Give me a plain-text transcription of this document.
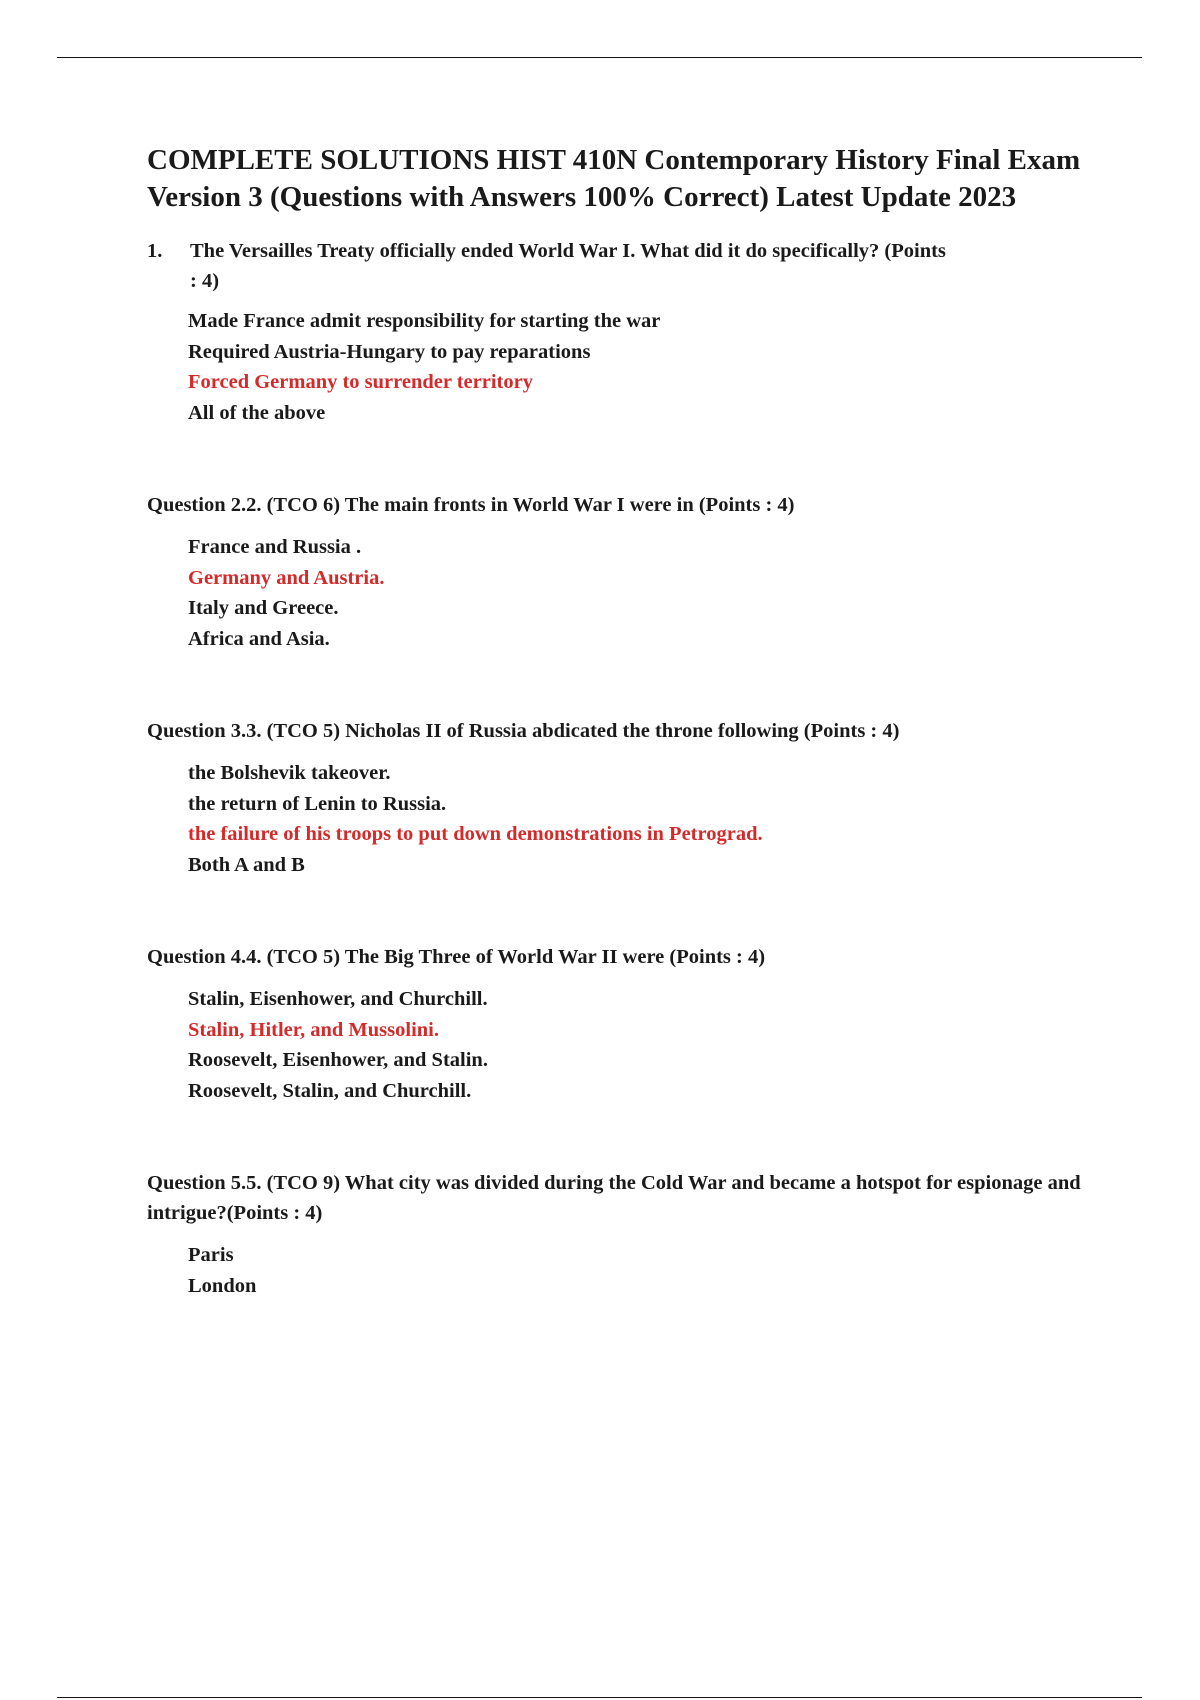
COMPLETE SOLUTIONS HIST 410N Contemporary History Final Exam Version 3 (Questions with Answers 100% Correct) Latest Update 2023
1.	The Versailles Treaty officially ended World War I. What did it do specifically? (Points : 4)
Made France admit responsibility for starting the war
Required Austria-Hungary to pay reparations
Forced Germany to surrender territory
All of the above
Question 2.2. (TCO 6) The main fronts in World War I were in (Points : 4)
France and Russia .
Germany and Austria.
Italy and Greece.
Africa and Asia.
Question 3.3. (TCO 5) Nicholas II of Russia abdicated the throne following (Points : 4)
the Bolshevik takeover.
the return of Lenin to Russia.
the failure of his troops to put down demonstrations in Petrograd.
Both A and B
Question 4.4. (TCO 5) The Big Three of World War II were (Points : 4)
Stalin, Eisenhower, and Churchill.
Stalin, Hitler, and Mussolini.
Roosevelt, Eisenhower, and Stalin.
Roosevelt, Stalin, and Churchill.
Question 5.5. (TCO 9) What city was divided during the Cold War and became a hotspot for espionage and intrigue?(Points : 4)
Paris
London
